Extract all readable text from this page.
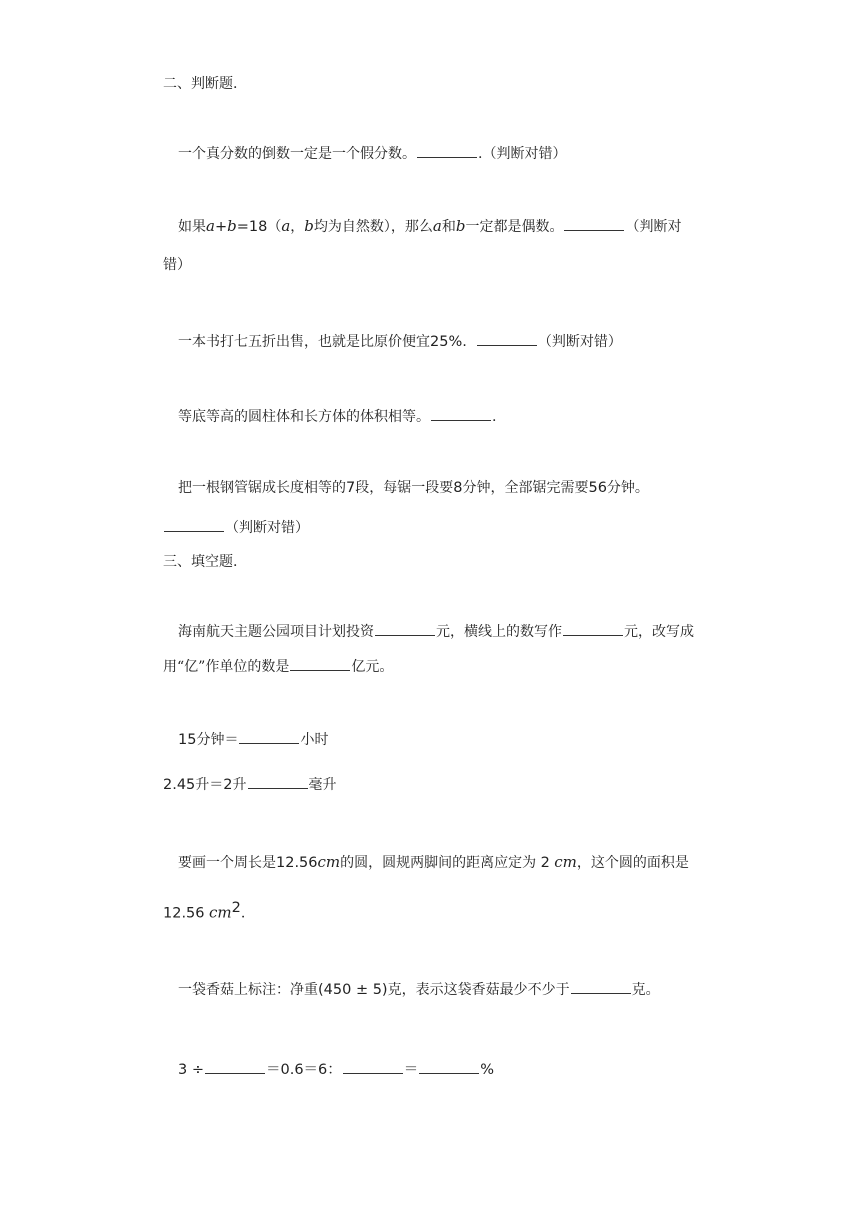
二、判断题.
一个真分数的倒数一定是一个假分数。	.（判断对错）
如果a+b=18（a，b均为自然数），那么a和b一定都是偶数。	（判断对
错）
一本书打七五折出售，也就是比原价便宜25%.	（判断对错）
等底等高的圆柱体和长方体的体积相等。	.
把一根钢管锯成长度相等的7段，每锯一段要8分钟，全部锯完需要56分钟。
（判断对错）
三、填空题.
海南航天主题公园项目计划投资	元，横线上的数写作	元，改写成
用“亿”作单位的数是	亿元。
15分钟＝	小时
2.45升＝2升	毫升
要画一个周长是12.56cm的圆，圆规两脚间的距离应定为 2 cm，这个圆的面积是
12.56 $cm^2$.
一袋香菇上标注：净重(450 ± 5)克，表示这袋香菇最少不少于	克。
3 ÷	＝0.6＝6：	＝	%
